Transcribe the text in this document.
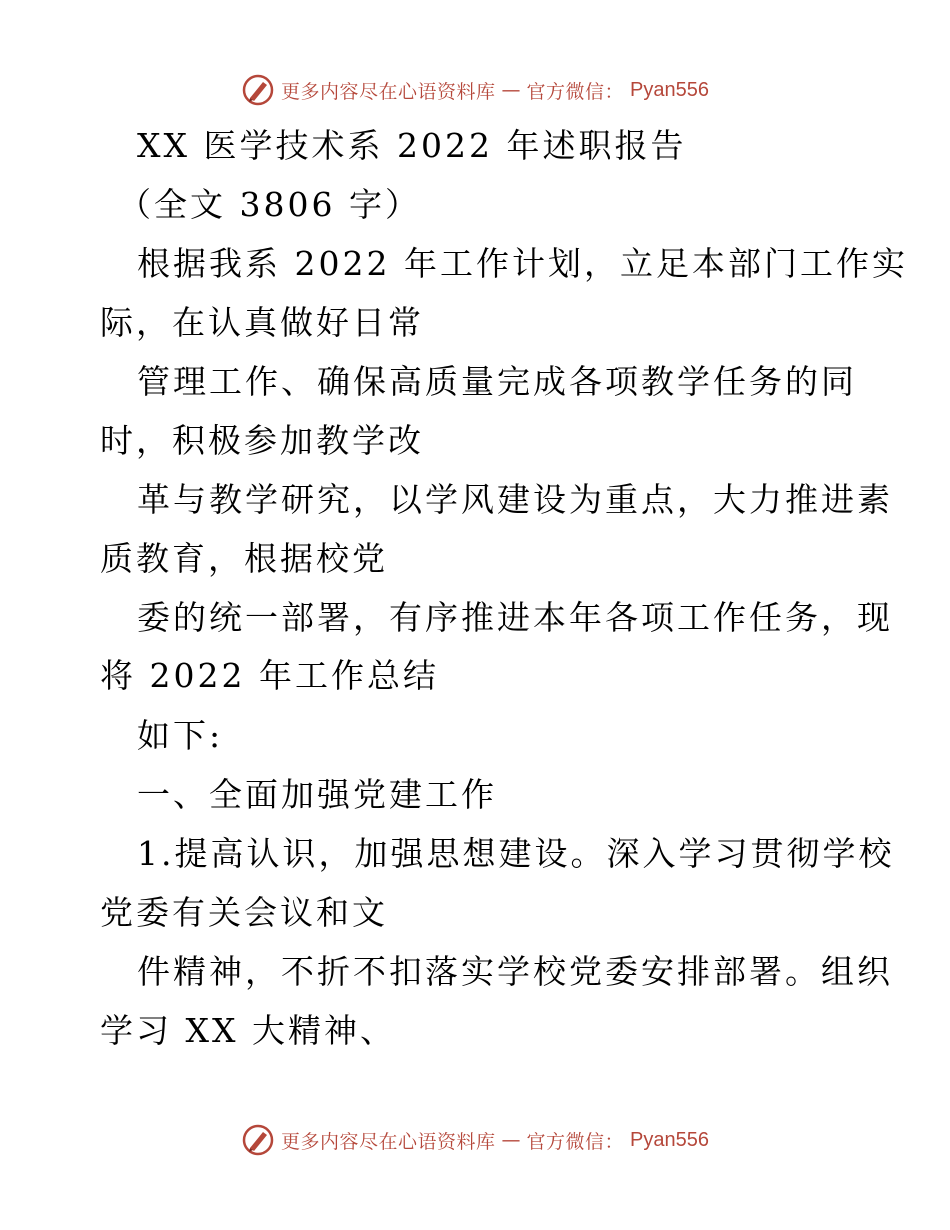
更多内容尽在心语资料库 — 官方微信： Pyan556
XX 医学技术系 2022 年述职报告
（全文 3806 字）
根据我系 2022 年工作计划，立足本部门工作实
际，在认真做好日常
管理工作、确保高质量完成各项教学任务的同
时，积极参加教学改
革与教学研究，以学风建设为重点，大力推进素
质教育，根据校党
委的统一部署，有序推进本年各项工作任务，现
将 2022 年工作总结
如下:
一、全面加强党建工作
1.提高认识，加强思想建设。深入学习贯彻学校
党委有关会议和文
件精神，不折不扣落实学校党委安排部署。组织
学习 XX 大精神、
更多内容尽在心语资料库 — 官方微信： Pyan556
